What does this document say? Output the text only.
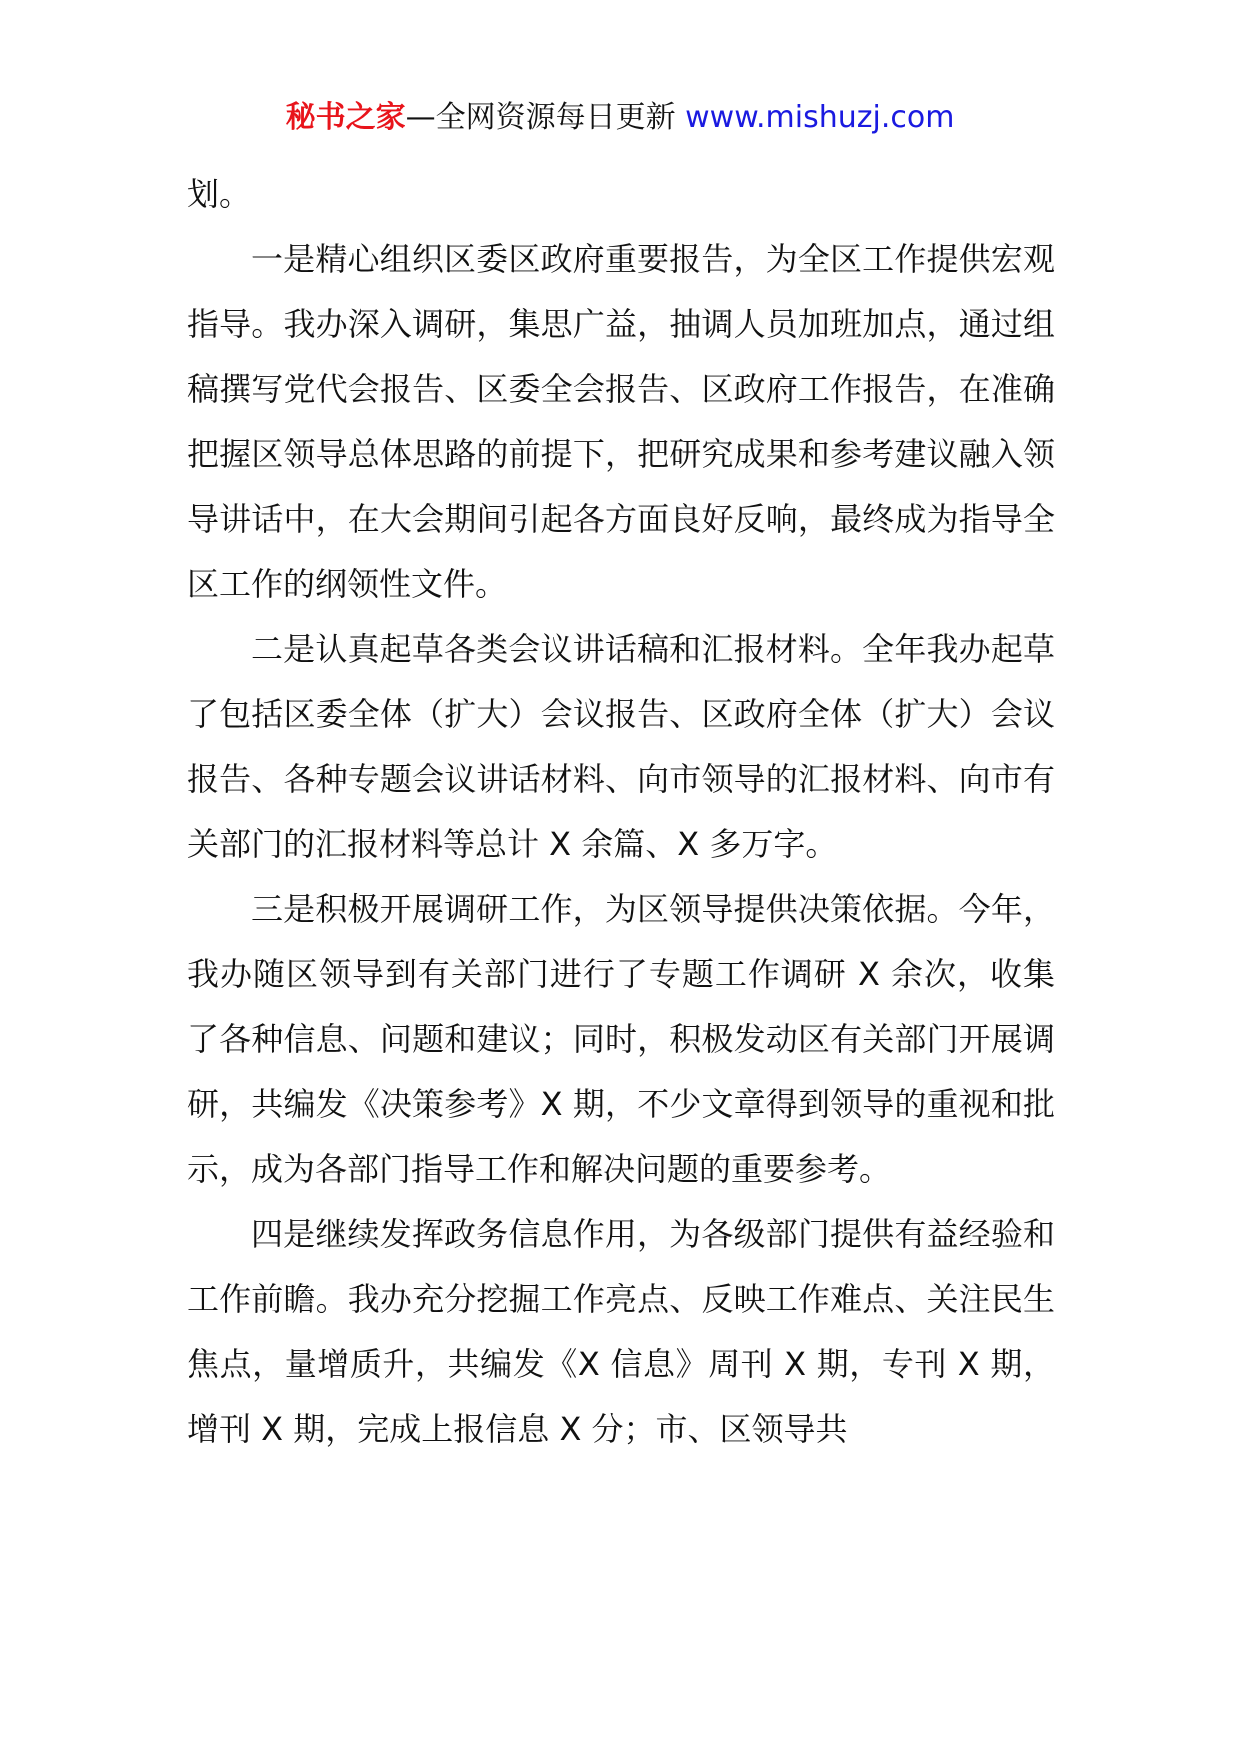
秘书之家—全网资源每日更新 www.mishuzj.com

划。

一是精心组织区委区政府重要报告，为全区工作提供宏观指导。我办深入调研，集思广益，抽调人员加班加点，通过组稿撰写党代会报告、区委全会报告、区政府工作报告，在准确把握区领导总体思路的前提下，把研究成果和参考建议融入领导讲话中，在大会期间引起各方面良好反响，最终成为指导全区工作的纲领性文件。

二是认真起草各类会议讲话稿和汇报材料。全年我办起草了包括区委全体（扩大）会议报告、区政府全体（扩大）会议报告、各种专题会议讲话材料、向市领导的汇报材料、向市有关部门的汇报材料等总计 X 余篇、X 多万字。

三是积极开展调研工作，为区领导提供决策依据。今年，我办随区领导到有关部门进行了专题工作调研 X 余次，收集了各种信息、问题和建议；同时，积极发动区有关部门开展调研，共编发《决策参考》X 期，不少文章得到领导的重视和批示，成为各部门指导工作和解决问题的重要参考。

四是继续发挥政务信息作用，为各级部门提供有益经验和工作前瞻。我办充分挖掘工作亮点、反映工作难点、关注民生焦点，量增质升，共编发《X 信息》周刊 X 期，专刊 X 期，增刊 X 期，完成上报信息 X 分；市、区领导共
